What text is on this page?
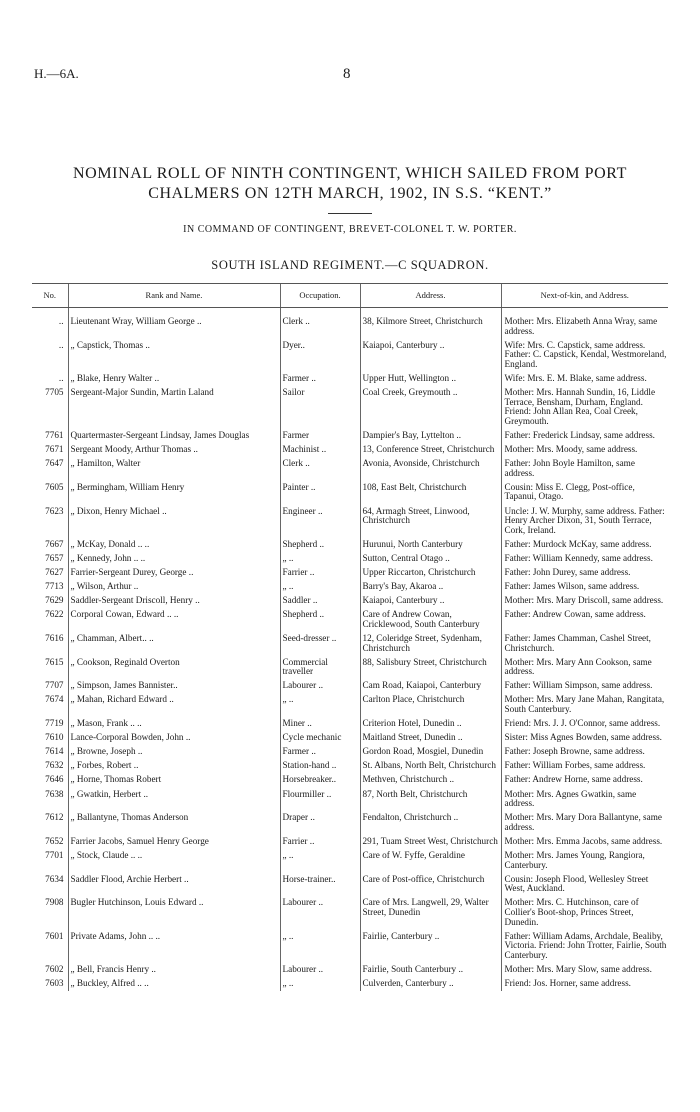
H.—6A.	8
NOMINAL ROLL OF NINTH CONTINGENT, WHICH SAILED FROM PORT
CHALMERS ON 12TH MARCH, 1902, IN S.S. “KENT.”
IN COMMAND OF CONTINGENT, BREVET-COLONEL T. W. PORTER.
SOUTH ISLAND REGIMENT.—C SQUADRON.
No.	Rank and Name.	Occupation.	Address.	Next-of-kin, and Address.
..	Lieutenant Wray, William George ..	Clerk ..	38, Kilmore Street, Christchurch	Mother: Mrs. Elizabeth Anna Wray, same address.
..	„ Capstick, Thomas ..	Dyer..	Kaiapoi, Canterbury ..	Wife: Mrs. C. Capstick, same address. Father: C. Capstick, Kendal, Westmoreland, England.
..	„ Blake, Henry Walter ..	Farmer ..	Upper Hutt, Wellington ..	Wife: Mrs. E. M. Blake, same address.
7705	Sergeant-Major Sundin, Martin Laland	Sailor	Coal Creek, Greymouth ..	Mother: Mrs. Hannah Sundin, 16, Liddle Terrace, Bensham, Durham, England. Friend: John Allan Rea, Coal Creek, Greymouth.
7761	Quartermaster-Sergeant Lindsay, James Douglas	Farmer	Dampier's Bay, Lyttelton ..	Father: Frederick Lindsay, same address.
7671	Sergeant Moody, Arthur Thomas ..	Machinist ..	13, Conference Street, Christchurch	Mother: Mrs. Moody, same address.
7647	„ Hamilton, Walter	Clerk ..	Avonia, Avonside, Christchurch	Father: John Boyle Hamilton, same address.
7605	„ Bermingham, William Henry	Painter ..	108, East Belt, Christchurch	Cousin: Miss E. Clegg, Post-office, Tapanui, Otago.
7623	„ Dixon, Henry Michael ..	Engineer ..	64, Armagh Street, Linwood, Christchurch	Uncle: J. W. Murphy, same address. Father: Henry Archer Dixon, 31, South Terrace, Cork, Ireland.
7667	„ McKay, Donald .. ..	Shepherd ..	Hurunui, North Canterbury	Father: Murdock McKay, same address.
7657	„ Kennedy, John .. ..	„ ..	Sutton, Central Otago ..	Father: William Kennedy, same address.
7627	Farrier-Sergeant Durey, George ..	Farrier ..	Upper Riccarton, Christchurch	Father: John Durey, same address.
7713	„ Wilson, Arthur ..	„ ..	Barry's Bay, Akaroa ..	Father: James Wilson, same address.
7629	Saddler-Sergeant Driscoll, Henry ..	Saddler ..	Kaiapoi, Canterbury ..	Mother: Mrs. Mary Driscoll, same address.
7622	Corporal Cowan, Edward .. ..	Shepherd ..	Care of Andrew Cowan, Cricklewood, South Canterbury	Father: Andrew Cowan, same address.
7616	„ Chamman, Albert.. ..	Seed-dresser ..	12, Coleridge Street, Sydenham, Christchurch	Father: James Chamman, Cashel Street, Christchurch.
7615	„ Cookson, Reginald Overton	Commercial traveller	88, Salisbury Street, Christchurch	Mother: Mrs. Mary Ann Cookson, same address.
7707	„ Simpson, James Bannister..	Labourer ..	Cam Road, Kaiapoi, Canterbury	Father: William Simpson, same address.
7674	„ Mahan, Richard Edward ..	„ ..	Carlton Place, Christchurch	Mother: Mrs. Mary Jane Mahan, Rangitata, South Canterbury.
7719	„ Mason, Frank .. ..	Miner ..	Criterion Hotel, Dunedin ..	Friend: Mrs. J. J. O'Connor, same address.
7610	Lance-Corporal Bowden, John ..	Cycle mechanic	Maitland Street, Dunedin ..	Sister: Miss Agnes Bowden, same address.
7614	„ Browne, Joseph ..	Farmer ..	Gordon Road, Mosgiel, Dunedin	Father: Joseph Browne, same address.
7632	„ Forbes, Robert ..	Station-hand ..	St. Albans, North Belt, Christchurch	Father: William Forbes, same address.
7646	„ Horne, Thomas Robert	Horsebreaker..	Methven, Christchurch ..	Father: Andrew Horne, same address.
7638	„ Gwatkin, Herbert ..	Flourmiller ..	87, North Belt, Christchurch	Mother: Mrs. Agnes Gwatkin, same address.
7612	„ Ballantyne, Thomas Anderson	Draper ..	Fendalton, Christchurch ..	Mother: Mrs. Mary Dora Ballantyne, same address.
7652	Farrier Jacobs, Samuel Henry George	Farrier ..	291, Tuam Street West, Christchurch	Mother: Mrs. Emma Jacobs, same address.
7701	„ Stock, Claude .. ..	„ ..	Care of W. Fyffe, Geraldine	Mother: Mrs. James Young, Rangiora, Canterbury.
7634	Saddler Flood, Archie Herbert ..	Horse-trainer..	Care of Post-office, Christchurch	Cousin: Joseph Flood, Wellesley Street West, Auckland.
7908	Bugler Hutchinson, Louis Edward ..	Labourer ..	Care of Mrs. Langwell, 29, Walter Street, Dunedin	Mother: Mrs. C. Hutchinson, care of Collier's Boot-shop, Princes Street, Dunedin.
7601	Private Adams, John .. ..	„ ..	Fairlie, Canterbury ..	Father: William Adams, Archdale, Bealiby, Victoria. Friend: John Trotter, Fairlie, South Canterbury.
7602	„ Bell, Francis Henry ..	Labourer ..	Fairlie, South Canterbury ..	Mother: Mrs. Mary Slow, same address.
7603	„ Buckley, Alfred .. ..	„ ..	Culverden, Canterbury ..	Friend: Jos. Horner, same address.
